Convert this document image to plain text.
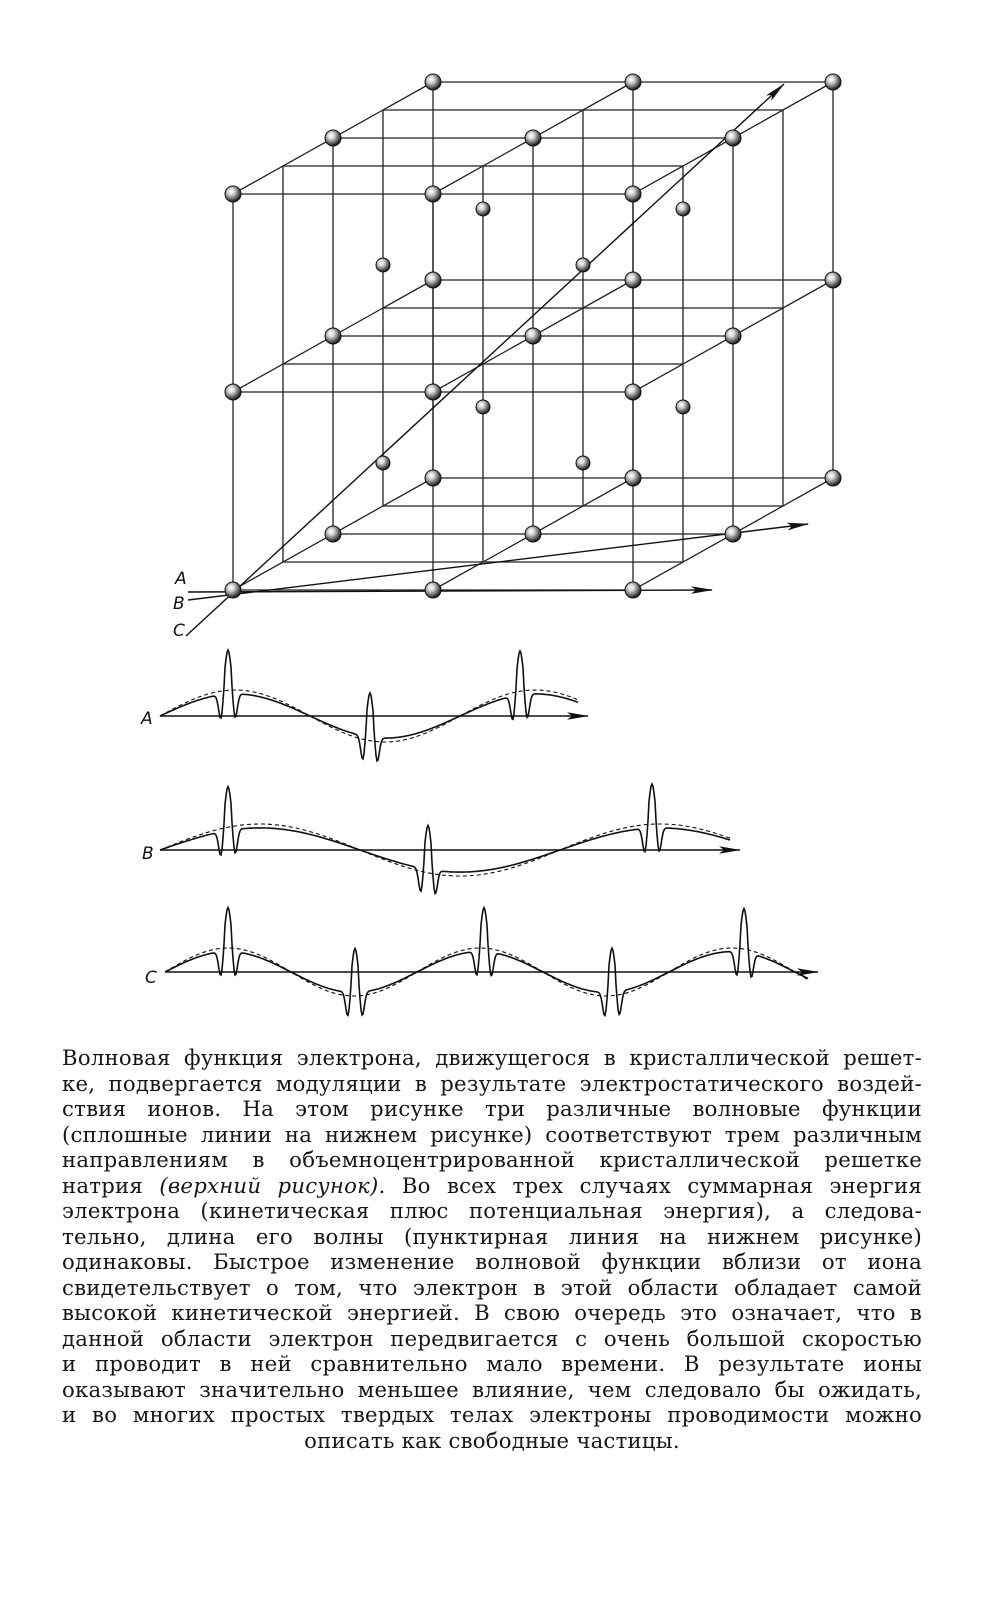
A
B
C
A
B
C
Волновая функция электрона, движущегося в кристаллической решет-
ке, подвергается модуляции в результате электростатического воздей-
ствия ионов. На этом рисунке три различные волновые функции
(сплошные линии на нижнем рисунке) соответствуют трем различным
направлениям в объемноцентрированной кристаллической решетке
натрия (верхний рисунок). Во всех трех случаях суммарная энергия
электрона (кинетическая плюс потенциальная энергия), а следова-
тельно, длина его волны (пунктирная линия на нижнем рисунке)
одинаковы. Быстрое изменение волновой функции вблизи от иона
свидетельствует о том, что электрон в этой области обладает самой
высокой кинетической энергией. В свою очередь это означает, что в
данной области электрон передвигается с очень большой скоростью
и проводит в ней сравнительно мало времени. В результате ионы
оказывают значительно меньшее влияние, чем следовало бы ожидать,
и во многих простых твердых телах электроны проводимости можно
описать как свободные частицы.
